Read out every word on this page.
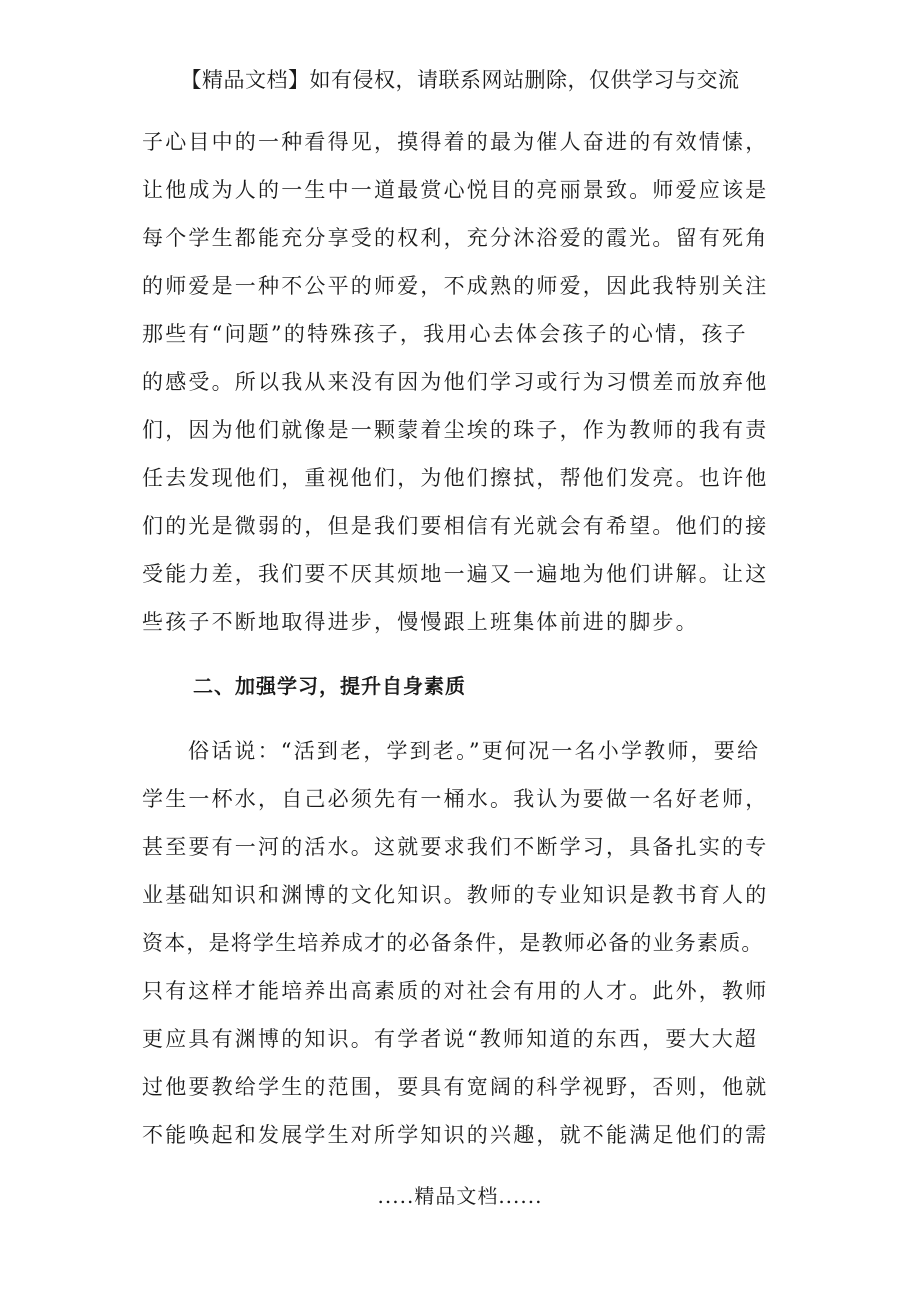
【精品文档】如有侵权，请联系网站删除，仅供学习与交流
子心目中的一种看得见，摸得着的最为催人奋进的有效情愫，
让他成为人的一生中一道最赏心悦目的亮丽景致。师爱应该是
每个学生都能充分享受的权利，充分沐浴爱的霞光。留有死角
的师爱是一种不公平的师爱，不成熟的师爱，因此我特别关注
那些有“问题”的特殊孩子，我用心去体会孩子的心情，孩子
的感受。所以我从来没有因为他们学习或行为习惯差而放弃他
们，因为他们就像是一颗蒙着尘埃的珠子，作为教师的我有责
任去发现他们，重视他们，为他们擦拭，帮他们发亮。也许他
们的光是微弱的，但是我们要相信有光就会有希望。他们的接
受能力差，我们要不厌其烦地一遍又一遍地为他们讲解。让这
些孩子不断地取得进步，慢慢跟上班集体前进的脚步。
二、加强学习，提升自身素质
俗话说：“活到老，学到老。”更何况一名小学教师，要给
学生一杯水，自己必须先有一桶水。我认为要做一名好老师，
甚至要有一河的活水。这就要求我们不断学习，具备扎实的专
业基础知识和渊博的文化知识。教师的专业知识是教书育人的
资本，是将学生培养成才的必备条件，是教师必备的业务素质。
只有这样才能培养出高素质的对社会有用的人才。此外，教师
更应具有渊博的知识。有学者说“教师知道的东西，要大大超
过他要教给学生的范围，要具有宽阔的科学视野，否则，他就
不能唤起和发展学生对所学知识的兴趣，就不能满足他们的需
.....精品文档......
